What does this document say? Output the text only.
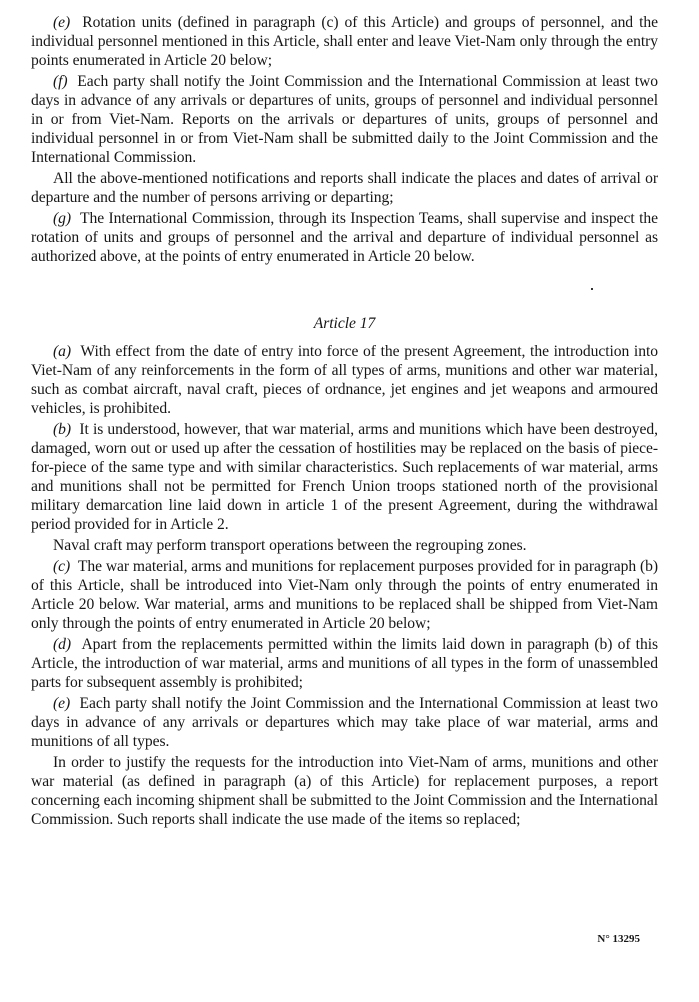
(e) Rotation units (defined in paragraph (c) of this Article) and groups of personnel, and the individual personnel mentioned in this Article, shall enter and leave Viet-Nam only through the entry points enumerated in Article 20 below;

(f) Each party shall notify the Joint Commission and the International Commission at least two days in advance of any arrivals or departures of units, groups of personnel and individual personnel in or from Viet-Nam. Reports on the arrivals or departures of units, groups of personnel and individual personnel in or from Viet-Nam shall be submitted daily to the Joint Commission and the International Commission.

All the above-mentioned notifications and reports shall indicate the places and dates of arrival or departure and the number of persons arriving or departing;

(g) The International Commission, through its Inspection Teams, shall supervise and inspect the rotation of units and groups of personnel and the arrival and departure of individual personnel as authorized above, at the points of entry enumerated in Article 20 below.

Article 17

(a) With effect from the date of entry into force of the present Agreement, the introduction into Viet-Nam of any reinforcements in the form of all types of arms, munitions and other war material, such as combat aircraft, naval craft, pieces of ordnance, jet engines and jet weapons and armoured vehicles, is prohibited.

(b) It is understood, however, that war material, arms and munitions which have been destroyed, damaged, worn out or used up after the cessation of hostilities may be replaced on the basis of piece-for-piece of the same type and with similar characteristics. Such replacements of war material, arms and munitions shall not be permitted for French Union troops stationed north of the provisional military demarcation line laid down in article 1 of the present Agreement, during the withdrawal period provided for in Article 2.

Naval craft may perform transport operations between the regrouping zones.

(c) The war material, arms and munitions for replacement purposes provided for in paragraph (b) of this Article, shall be introduced into Viet-Nam only through the points of entry enumerated in Article 20 below. War material, arms and munitions to be replaced shall be shipped from Viet-Nam only through the points of entry enumerated in Article 20 below;

(d) Apart from the replacements permitted within the limits laid down in paragraph (b) of this Article, the introduction of war material, arms and munitions of all types in the form of unassembled parts for subsequent assembly is prohibited;

(e) Each party shall notify the Joint Commission and the International Commission at least two days in advance of any arrivals or departures which may take place of war material, arms and munitions of all types.

In order to justify the requests for the introduction into Viet-Nam of arms, munitions and other war material (as defined in paragraph (a) of this Article) for replacement purposes, a report concerning each incoming shipment shall be submitted to the Joint Commission and the International Commission. Such reports shall indicate the use made of the items so replaced;

N° 13295
